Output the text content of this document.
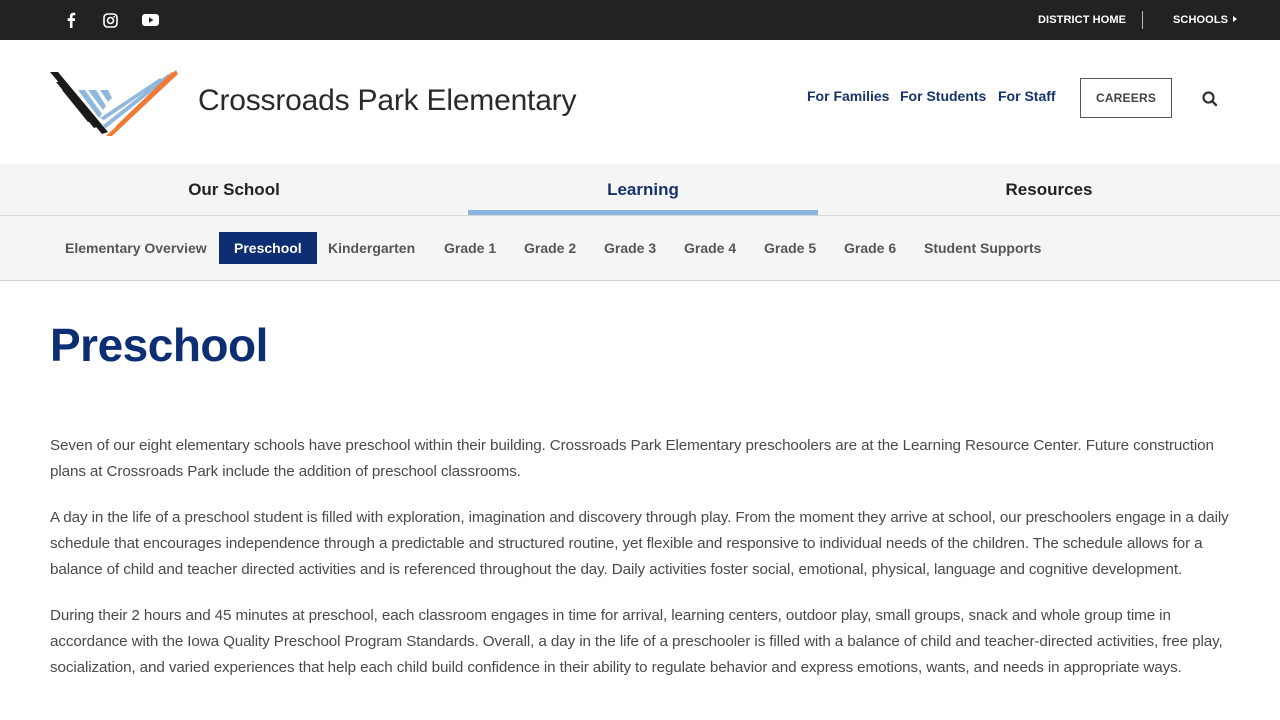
DISTRICT HOME	SCHOOLS
Crossroads Park Elementary	For Families For Students For Staff	CAREERS
Our School	Learning	Resources
Elementary Overview	Preschool	Kindergarten	Grade 1	Grade 2	Grade 3	Grade 4	Grade 5	Grade 6	Student Supports
Preschool

Seven of our eight elementary schools have preschool within their building. Crossroads Park Elementary preschoolers are at the Learning Resource Center. Future construction plans at Crossroads Park include the addition of preschool classrooms.

A day in the life of a preschool student is filled with exploration, imagination and discovery through play. From the moment they arrive at school, our preschoolers engage in a daily schedule that encourages independence through a predictable and structured routine, yet flexible and responsive to individual needs of the children. The schedule allows for a balance of child and teacher directed activities and is referenced throughout the day. Daily activities foster social, emotional, physical, language and cognitive development.

During their 2 hours and 45 minutes at preschool, each classroom engages in time for arrival, learning centers, outdoor play, small groups, snack and whole group time in accordance with the Iowa Quality Preschool Program Standards. Overall, a day in the life of a preschooler is filled with a balance of child and teacher-directed activities, free play, socialization, and varied experiences that help each child build confidence in their ability to regulate behavior and express emotions, wants, and needs in appropriate ways.
